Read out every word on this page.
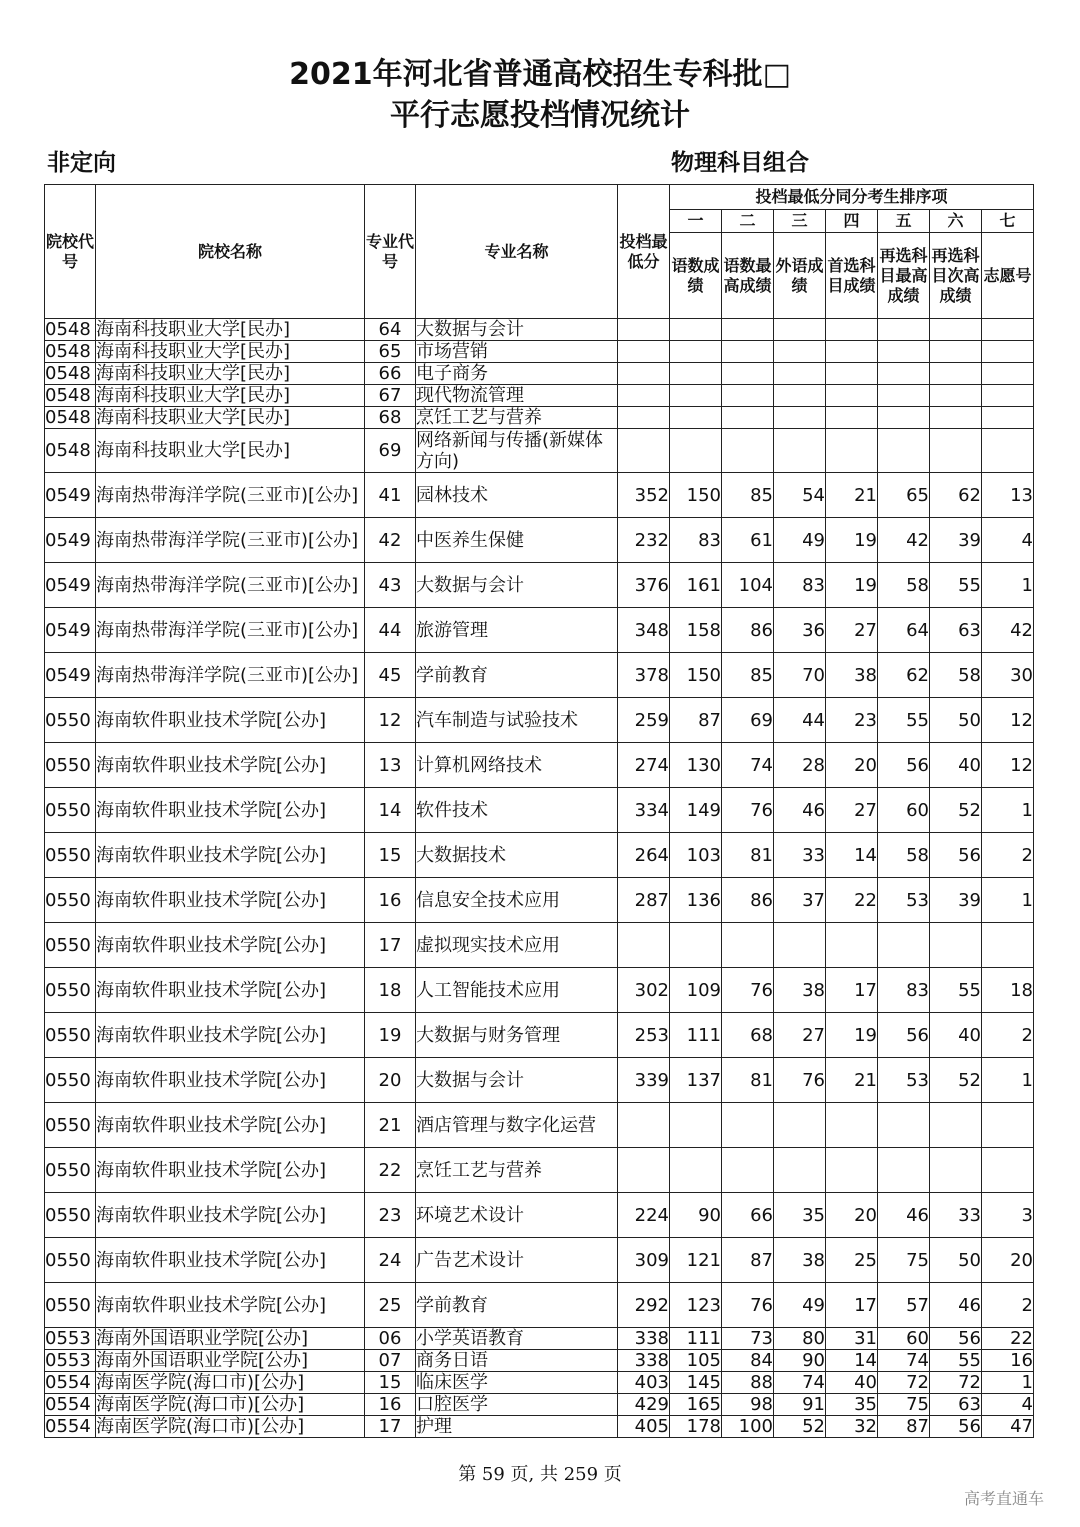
2021年河北省普通高校招生专科批□
平行志愿投档情况统计
非定向	物理科目组合
院校代号	院校名称	专业代号	专业名称	投档最低分	投档最低分同分考生排序项						
					一	二	三	四	五	六	七
					语数成绩	语数最高成绩	外语成绩	首选科目成绩	再选科目最高成绩	再选科目次高成绩	志愿号
0548	海南科技职业大学[民办]	64	大数据与会计								
0548	海南科技职业大学[民办]	65	市场营销								
0548	海南科技职业大学[民办]	66	电子商务								
0548	海南科技职业大学[民办]	67	现代物流管理								
0548	海南科技职业大学[民办]	68	烹饪工艺与营养								
0548	海南科技职业大学[民办]	69	网络新闻与传播(新媒体方向)								
0549	海南热带海洋学院(三亚市)[公办]	41	园林技术	352	150	85	54	21	65	62	13
0549	海南热带海洋学院(三亚市)[公办]	42	中医养生保健	232	83	61	49	19	42	39	4
0549	海南热带海洋学院(三亚市)[公办]	43	大数据与会计	376	161	104	83	19	58	55	1
0549	海南热带海洋学院(三亚市)[公办]	44	旅游管理	348	158	86	36	27	64	63	42
0549	海南热带海洋学院(三亚市)[公办]	45	学前教育	378	150	85	70	38	62	58	30
0550	海南软件职业技术学院[公办]	12	汽车制造与试验技术	259	87	69	44	23	55	50	12
0550	海南软件职业技术学院[公办]	13	计算机网络技术	274	130	74	28	20	56	40	12
0550	海南软件职业技术学院[公办]	14	软件技术	334	149	76	46	27	60	52	1
0550	海南软件职业技术学院[公办]	15	大数据技术	264	103	81	33	14	58	56	2
0550	海南软件职业技术学院[公办]	16	信息安全技术应用	287	136	86	37	22	53	39	1
0550	海南软件职业技术学院[公办]	17	虚拟现实技术应用								
0550	海南软件职业技术学院[公办]	18	人工智能技术应用	302	109	76	38	17	83	55	18
0550	海南软件职业技术学院[公办]	19	大数据与财务管理	253	111	68	27	19	56	40	2
0550	海南软件职业技术学院[公办]	20	大数据与会计	339	137	81	76	21	53	52	1
0550	海南软件职业技术学院[公办]	21	酒店管理与数字化运营								
0550	海南软件职业技术学院[公办]	22	烹饪工艺与营养								
0550	海南软件职业技术学院[公办]	23	环境艺术设计	224	90	66	35	20	46	33	3
0550	海南软件职业技术学院[公办]	24	广告艺术设计	309	121	87	38	25	75	50	20
0550	海南软件职业技术学院[公办]	25	学前教育	292	123	76	49	17	57	46	2
0553	海南外国语职业学院[公办]	06	小学英语教育	338	111	73	80	31	60	56	22
0553	海南外国语职业学院[公办]	07	商务日语	338	105	84	90	14	74	55	16
0554	海南医学院(海口市)[公办]	15	临床医学	403	145	88	74	40	72	72	1
0554	海南医学院(海口市)[公办]	16	口腔医学	429	165	98	91	35	75	63	4
0554	海南医学院(海口市)[公办]	17	护理	405	178	100	52	32	87	56	47
第 59 页, 共 259 页
高考直通车
